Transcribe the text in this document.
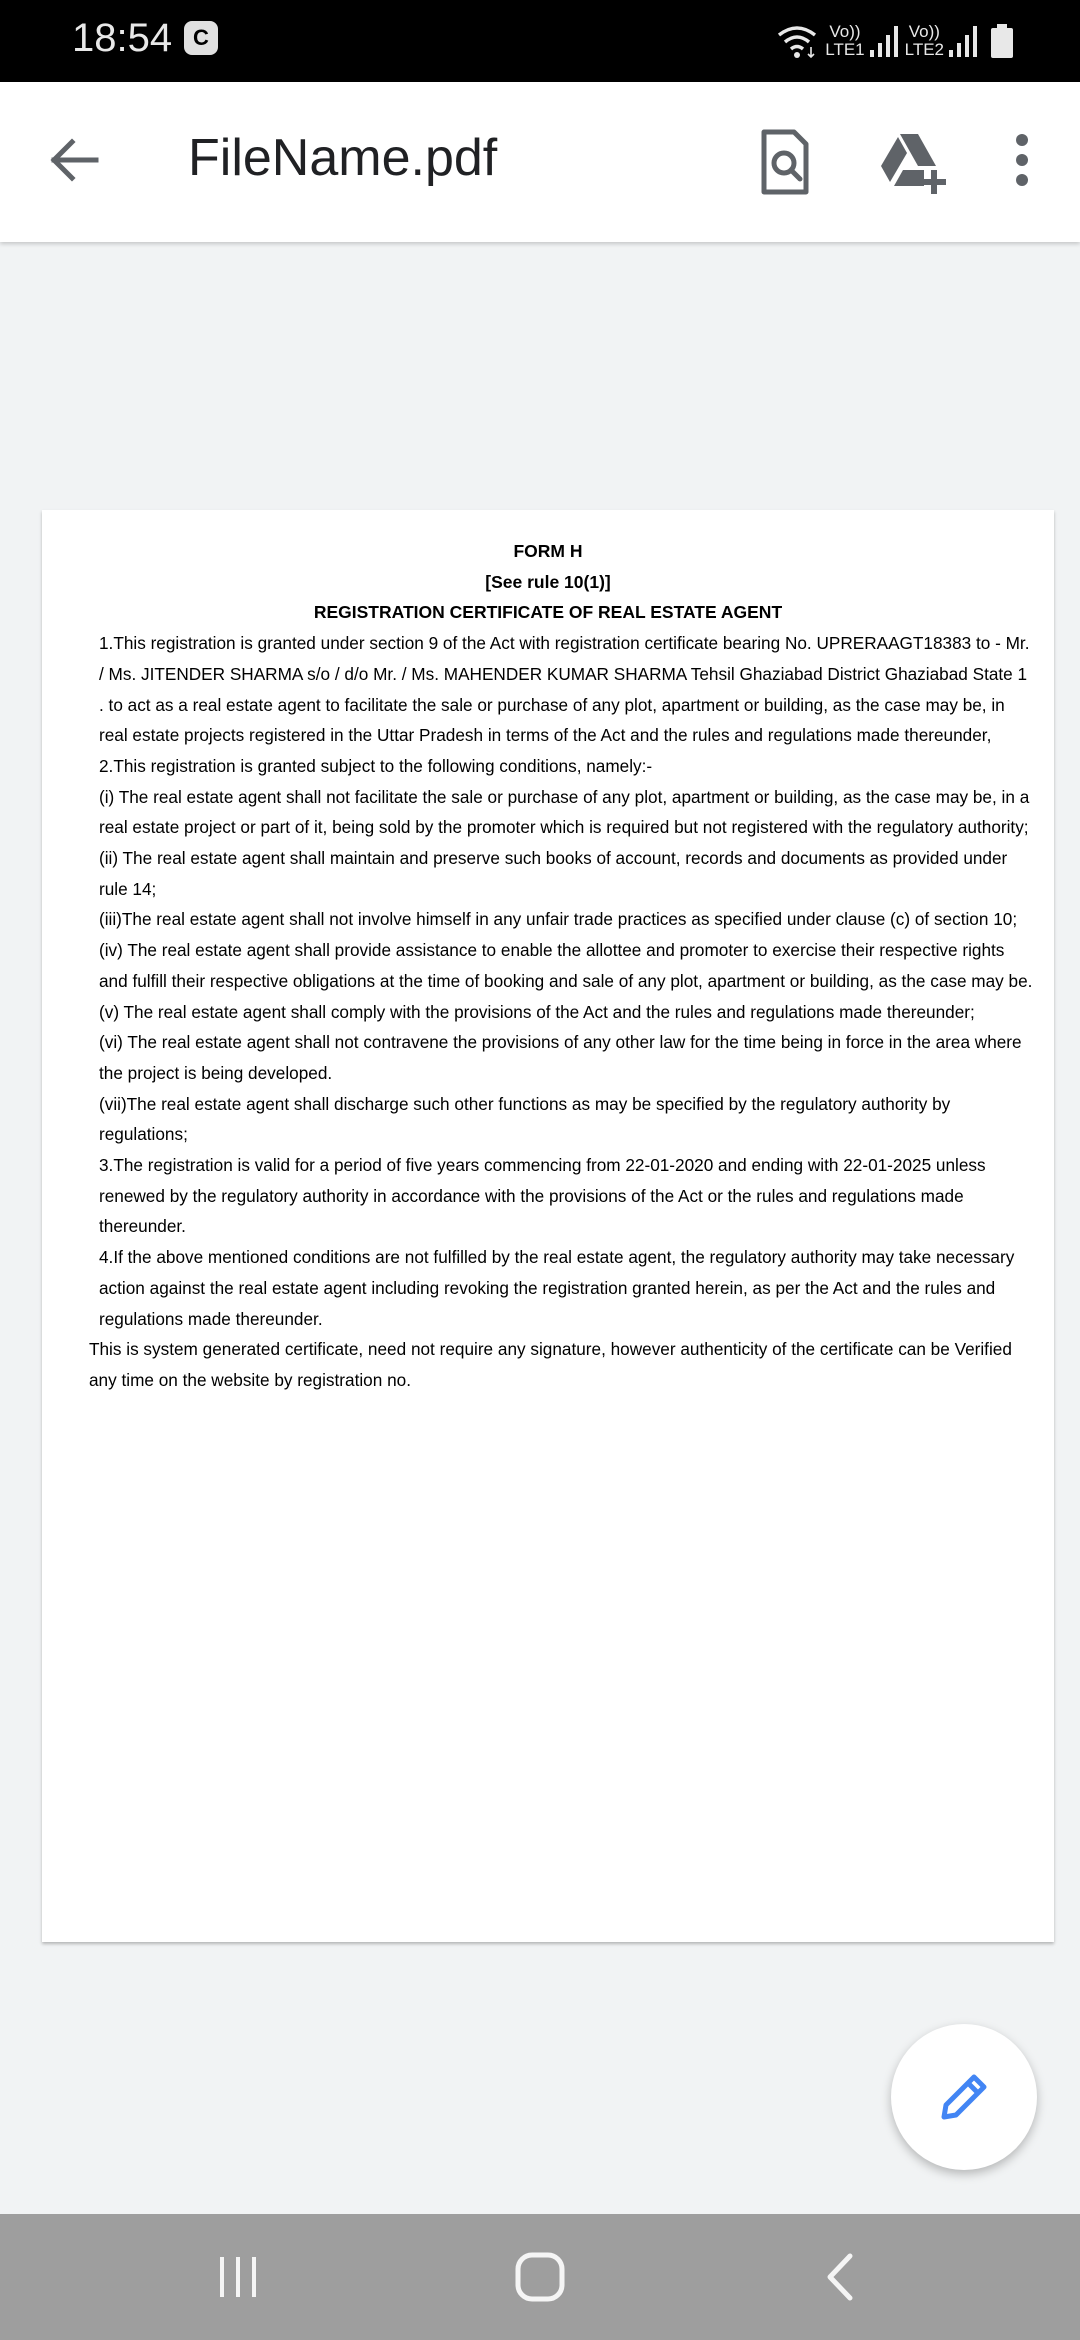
18:54 C	Vo))
LTE1
Vo))
LTE2
FileName.pdf
FORM H
[See rule 10(1)]
REGISTRATION CERTIFICATE OF REAL ESTATE AGENT

1.This registration is granted under section 9 of the Act with registration certificate bearing No. UPRERAAGT18383 to - Mr. / Ms. JITENDER SHARMA s/o / d/o Mr. / Ms. MAHENDER KUMAR SHARMA Tehsil Ghaziabad District Ghaziabad State 1 . to act as a real estate agent to facilitate the sale or purchase of any plot, apartment or building, as the case may be, in real estate projects registered in the Uttar Pradesh in terms of the Act and the rules and regulations made thereunder,

2.This registration is granted subject to the following conditions, namely:-

(i) The real estate agent shall not facilitate the sale or purchase of any plot, apartment or building, as the case may be, in a real estate project or part of it, being sold by the promoter which is required but not registered with the regulatory authority;

(ii) The real estate agent shall maintain and preserve such books of account, records and documents as provided under rule 14;

(iii)The real estate agent shall not involve himself in any unfair trade practices as specified under clause (c) of section 10;

(iv) The real estate agent shall provide assistance to enable the allottee and promoter to exercise their respective rights and fulfill their respective obligations at the time of booking and sale of any plot, apartment or building, as the case may be.

(v) The real estate agent shall comply with the provisions of the Act and the rules and regulations made thereunder;

(vi) The real estate agent shall not contravene the provisions of any other law for the time being in force in the area where the project is being developed.

(vii)The real estate agent shall discharge such other functions as may be specified by the regulatory authority by regulations;

3.The registration is valid for a period of five years commencing from 22-01-2020 and ending with 22-01-2025 unless renewed by the regulatory authority in accordance with the provisions of the Act or the rules and regulations made thereunder.

4.If the above mentioned conditions are not fulfilled by the real estate agent, the regulatory authority may take necessary action against the real estate agent including revoking the registration granted herein, as per the Act and the rules and regulations made thereunder.

This is system generated certificate, need not require any signature, however authenticity of the certificate can be Verified any time on the website by registration no.
